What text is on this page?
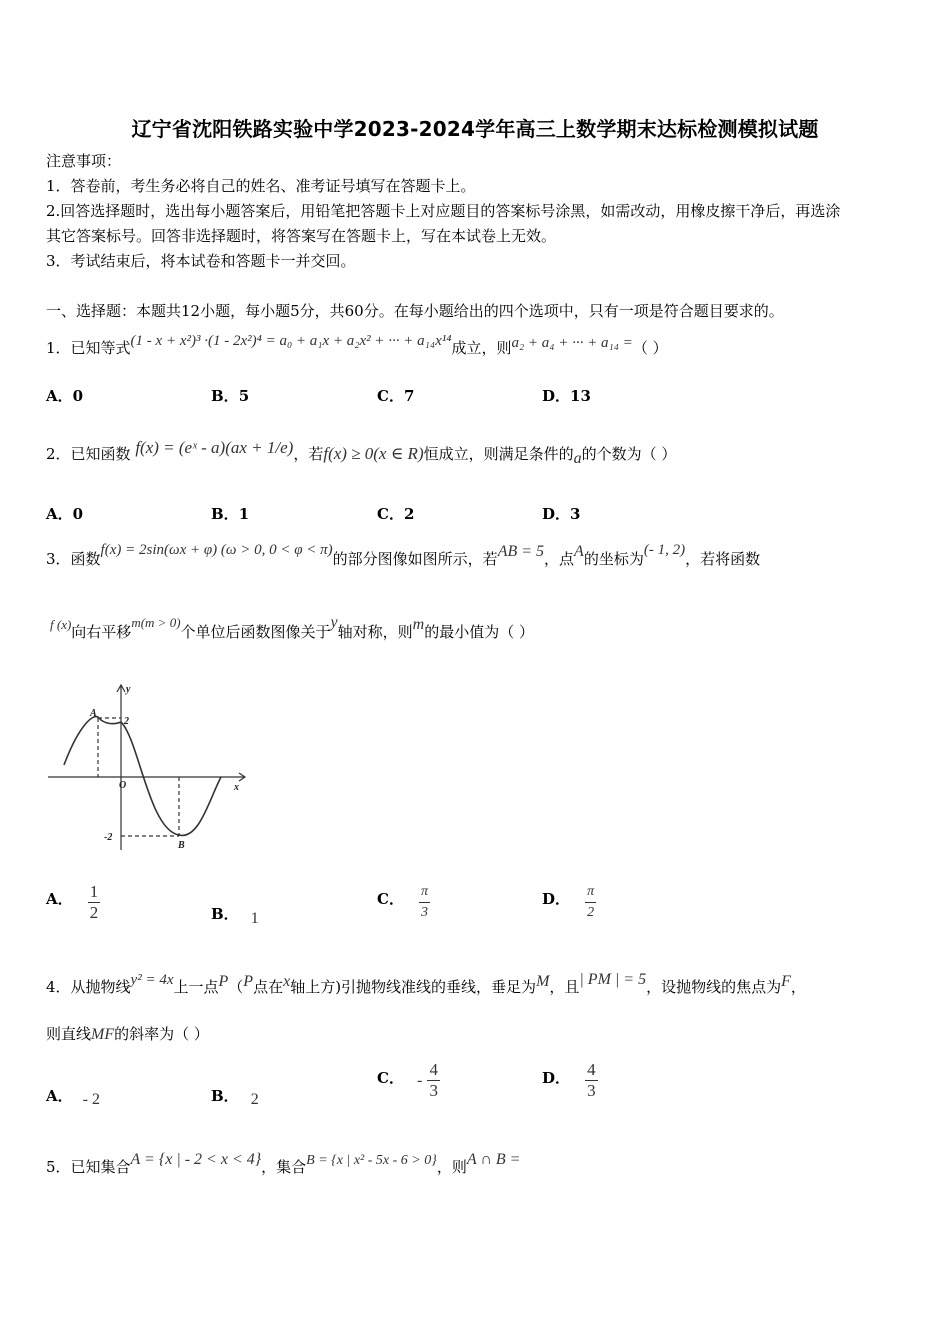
辽宁省沈阳铁路实验中学2023-2024学年高三上数学期末达标检测模拟试题
注意事项：
1．答卷前，考生务必将自己的姓名、准考证号填写在答题卡上。
2.回答选择题时，选出每小题答案后，用铅笔把答题卡上对应题目的答案标号涂黑，如需改动，用橡皮擦干净后，再选涂
其它答案标号。回答非选择题时，将答案写在答题卡上，写在本试卷上无效。
3．考试结束后，将本试卷和答题卡一并交回。
一、选择题：本题共12小题，每小题5分，共60分。在每小题给出的四个选项中，只有一项是符合题目要求的。
1．已知等式(1 - x + x²)³ ·(1 - 2x²)⁴ = a₀ + a₁x + a₂x² + ··· + a₁₄x¹⁴成立，则a₂ + a₄ + ··· + a₁₄ =（ ）
A．0	B．5	C．7	D．13
2．已知函数 f(x) = (eˣ - a)(ax + 1/e)，若f(x) ≥ 0(x ∈ R)恒成立，则满足条件的a的个数为（ ）
A．0	B．1	C．2	D．3
3．函数f(x) = 2sin(ωx + φ) (ω > 0, 0 < φ < π)的部分图像如图所示，若AB = 5，点A的坐标为(- 1, 2)，若将函数
f (x)向右平移m(m > 0)个单位后函数图像关于y轴对称，则m的最小值为（ ）
A
2
y
O	x
-2
B
A． $\frac{1}{2}$	B． 1
C． $\frac{\pi}{3}$	D． $\frac{\pi}{2}$
4．从抛物线y² = 4x上一点P（P点在x轴上方)引抛物线准线的垂线，垂足为M，且| PM | = 5，设抛物线的焦点为F，
则直线MF的斜率为（ ）
A． - 2	B． 2
C． - $\frac{4}{3}$	D． $\frac{4}{3}$
5．已知集合A = {x | - 2 < x < 4}，集合B = {x | x² - 5x - 6 > 0}，则A ∩ B =
